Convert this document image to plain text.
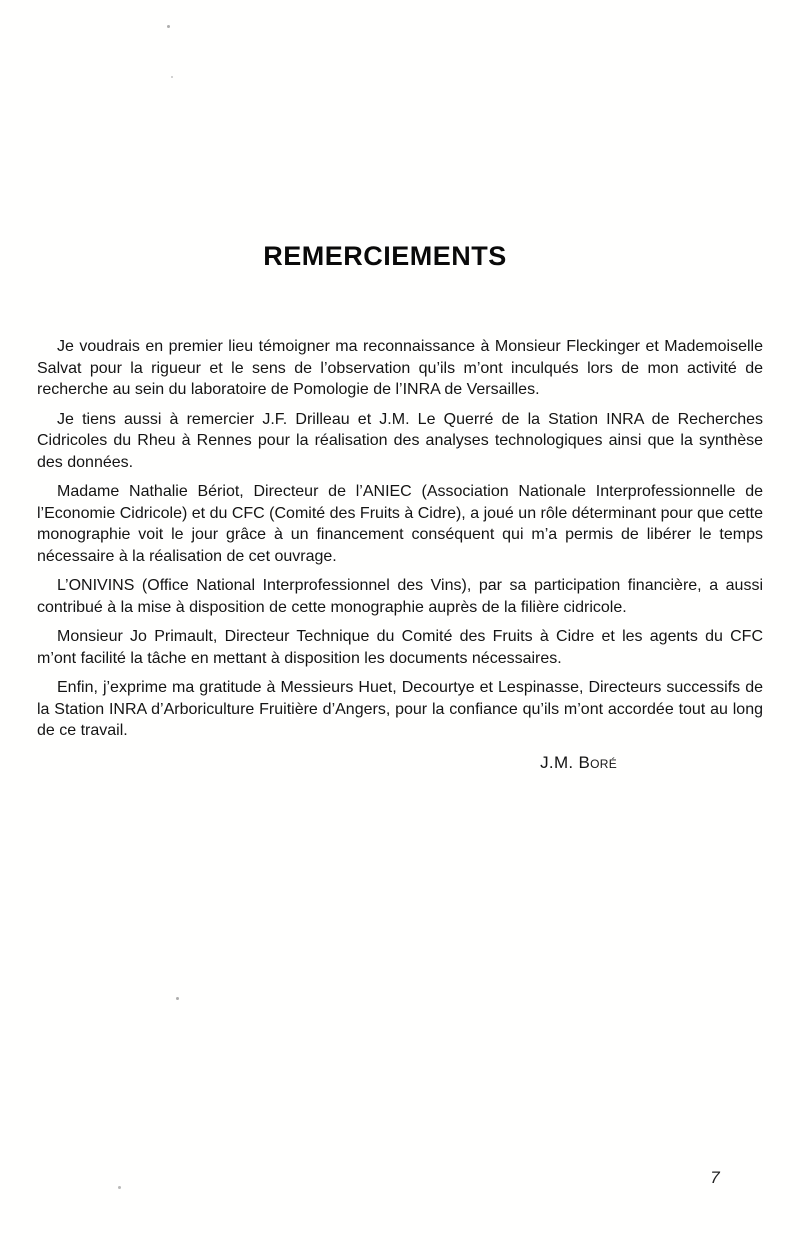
REMERCIEMENTS

Je voudrais en premier lieu témoigner ma reconnaissance à Monsieur Fleckinger et Mademoiselle Salvat pour la rigueur et le sens de l’observation qu’ils m’ont inculqués lors de mon activité de recherche au sein du laboratoire de Pomologie de l’INRA de Versailles.

Je tiens aussi à remercier J.F. Drilleau et J.M. Le Querré de la Station INRA de Recherches Cidricoles du Rheu à Rennes pour la réalisation des analyses technologiques ainsi que la synthèse des données.

Madame Nathalie Bériot, Directeur de l’ANIEC (Association Nationale Interprofessionnelle de l’Economie Cidricole) et du CFC (Comité des Fruits à Cidre), a joué un rôle déterminant pour que cette monographie voit le jour grâce à un financement conséquent qui m’a permis de libérer le temps nécessaire à la réalisation de cet ouvrage.

L’ONIVINS (Office National Interprofessionnel des Vins), par sa participation financière, a aussi contribué à la mise à disposition de cette monographie auprès de la filière cidricole.

Monsieur Jo Primault, Directeur Technique du Comité des Fruits à Cidre et les agents du CFC m’ont facilité la tâche en mettant à disposition les documents nécessaires.

Enfin, j’exprime ma gratitude à Messieurs Huet, Decourtye et Lespinasse, Directeurs successifs de la Station INRA d’Arboriculture Fruitière d’Angers, pour la confiance qu’ils m’ont accordée tout au long de ce travail.

J.M. Boré
7
